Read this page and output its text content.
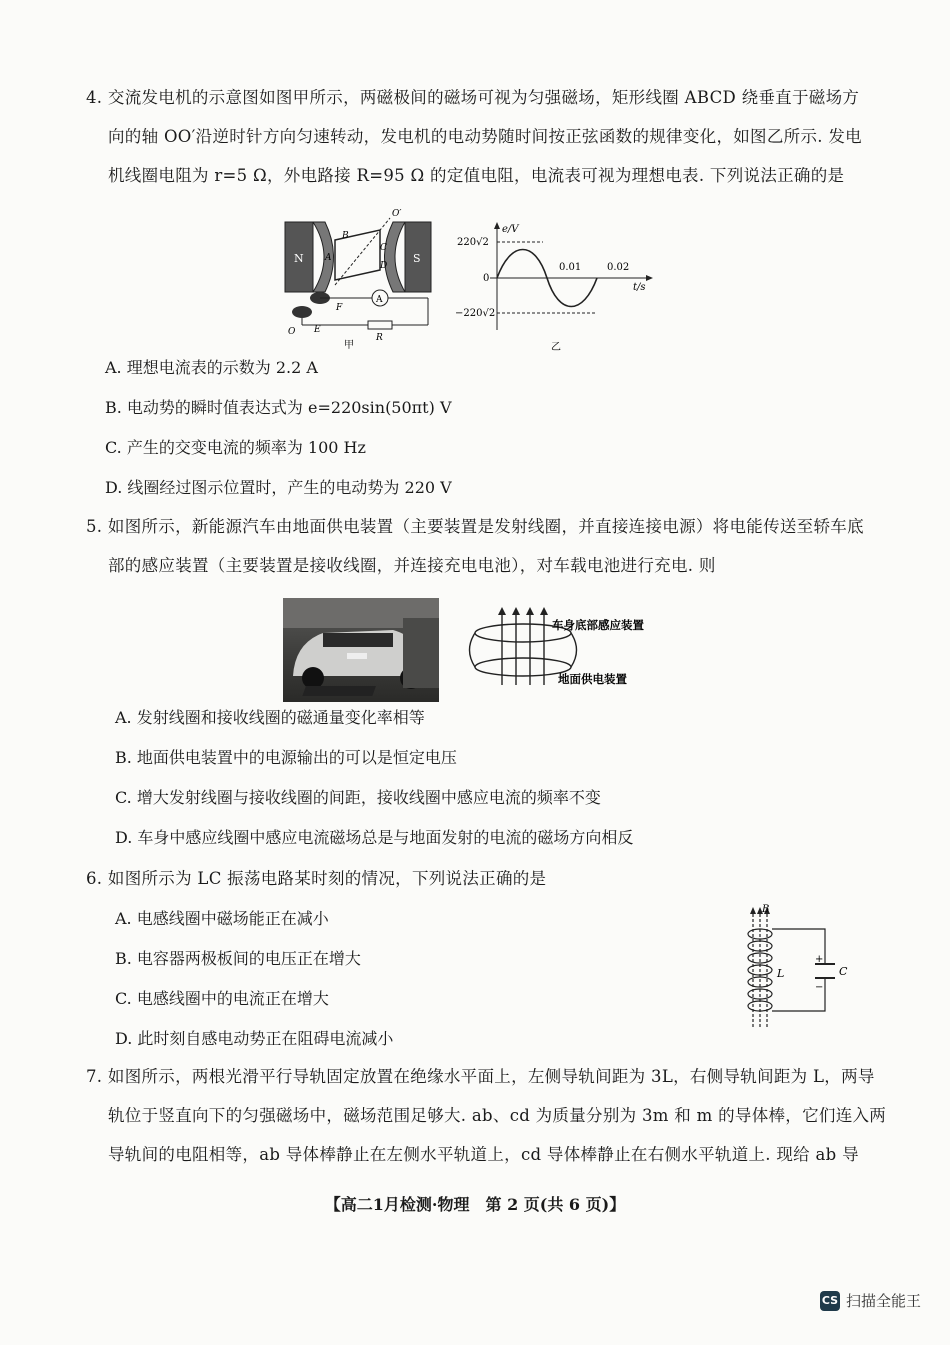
4. 交流发电机的示意图如图甲所示，两磁极间的磁场可视为匀强磁场，矩形线圈 ABCD 绕垂直于磁场方
向的轴 OO′沿逆时针方向匀速转动，发电机的电动势随时间按正弦函数的规律变化，如图乙所示. 发电
机线圈电阻为 r=5 Ω，外电路接 R=95 Ω 的定值电阻，电流表可视为理想电表. 下列说法正确的是
N	S
B
A
C
D
O′
A
R
F
E
O
甲
e/V
220√2
0
−220√2
0.01	0.02
t/s
乙
A. 理想电流表的示数为 2.2 A
B. 电动势的瞬时值表达式为 e=220sin(50πt) V
C. 产生的交变电流的频率为 100 Hz
D. 线圈经过图示位置时，产生的电动势为 220 V
5. 如图所示，新能源汽车由地面供电装置（主要装置是发射线圈，并直接连接电源）将电能传送至轿车底
部的感应装置（主要装置是接收线圈，并连接充电电池），对车载电池进行充电. 则
车身底部感应装置
地面供电装置
A. 发射线圈和接收线圈的磁通量变化率相等
B. 地面供电装置中的电源输出的可以是恒定电压
C. 增大发射线圈与接收线圈的间距，接收线圈中感应电流的频率不变
D. 车身中感应线圈中感应电流磁场总是与地面发射的电流的磁场方向相反
6. 如图所示为 LC 振荡电路某时刻的情况，下列说法正确的是
A. 电感线圈中磁场能正在减小
B. 电容器两极板间的电压正在增大
C. 电感线圈中的电流正在增大
D. 此时刻自感电动势正在阻碍电流减小
B
L	C
+
−
7. 如图所示，两根光滑平行导轨固定放置在绝缘水平面上，左侧导轨间距为 3L，右侧导轨间距为 L，两导
轨位于竖直向下的匀强磁场中，磁场范围足够大. ab、cd 为质量分别为 3m 和 m 的导体棒，它们连入两
导轨间的电阻相等，ab 导体棒静止在左侧水平轨道上，cd 导体棒静止在右侧水平轨道上. 现给 ab 导
【高二1月检测·物理　第 2 页(共 6 页)】
CS 扫描全能王
